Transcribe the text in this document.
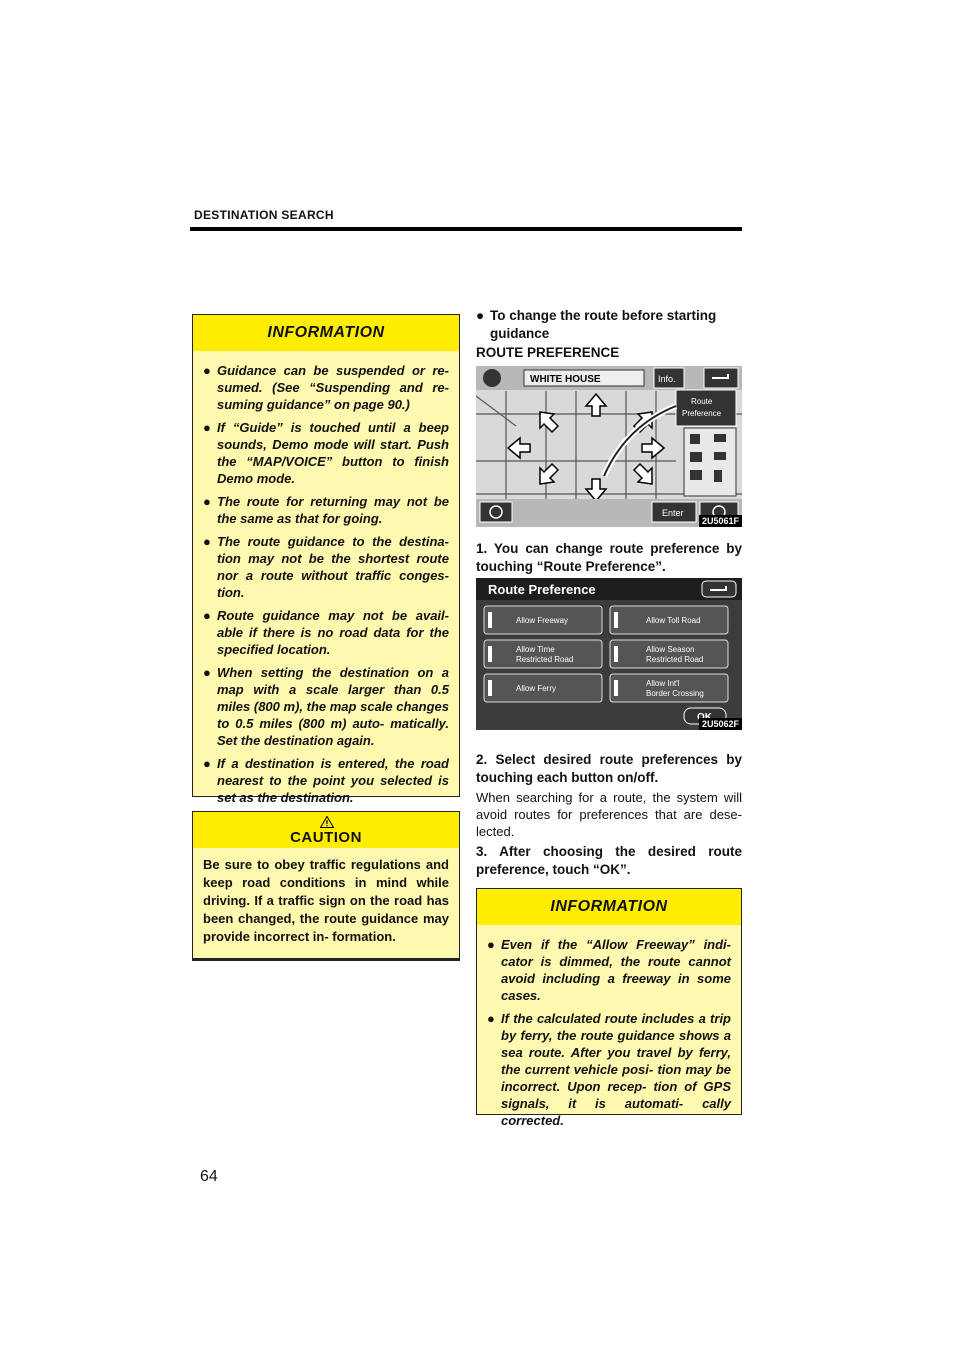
DESTINATION SEARCH
INFORMATION
● Guidance can be suspended or re- sumed. (See “Suspending and re- suming guidance” on page 90.)
● If “Guide” is touched until a beep sounds, Demo mode will start. Push the “MAP/VOICE” button to finish Demo mode.
● The route for returning may not be the same as that for going.
● The route guidance to the destina- tion may not be the shortest route nor a route without traffic conges- tion.
● Route guidance may not be avail- able if there is no road data for the specified location.
● When setting the destination on a map with a scale larger than 0.5 miles (800 m), the map scale changes to 0.5 miles (800 m) auto- matically. Set the destination again.
● If a destination is entered, the road nearest to the point you selected is set as the destination.
CAUTION
Be sure to obey traffic regulations and keep road conditions in mind while driving. If a traffic sign on the road has been changed, the route guidance may provide incorrect in- formation.
● To change the route before starting guidance
ROUTE PREFERENCE
WHITE HOUSE	Info.
Route
Preference
Enter
2U5061F
1. You can change route preference by touching “Route Preference”.
Route Preference
Allow Freeway	Allow Toll Road
Allow Time
Restricted Road
Allow Season
Restricted Road
Allow Ferry
Allow Int'l
Border Crossing
2U5062F
2. Select desired route preferences by touching each button on/off.
When searching for a route, the system will avoid routes for preferences that are dese- lected.
3. After choosing the desired route preference, touch “OK”.
INFORMATION
● Even if the “Allow Freeway” indi- cator is dimmed, the route cannot avoid including a freeway in some cases.
● If the calculated route includes a trip by ferry, the route guidance shows a sea route. After you travel by ferry, the current vehicle posi- tion may be incorrect. Upon recep- tion of GPS signals, it is automati- cally corrected.
64
